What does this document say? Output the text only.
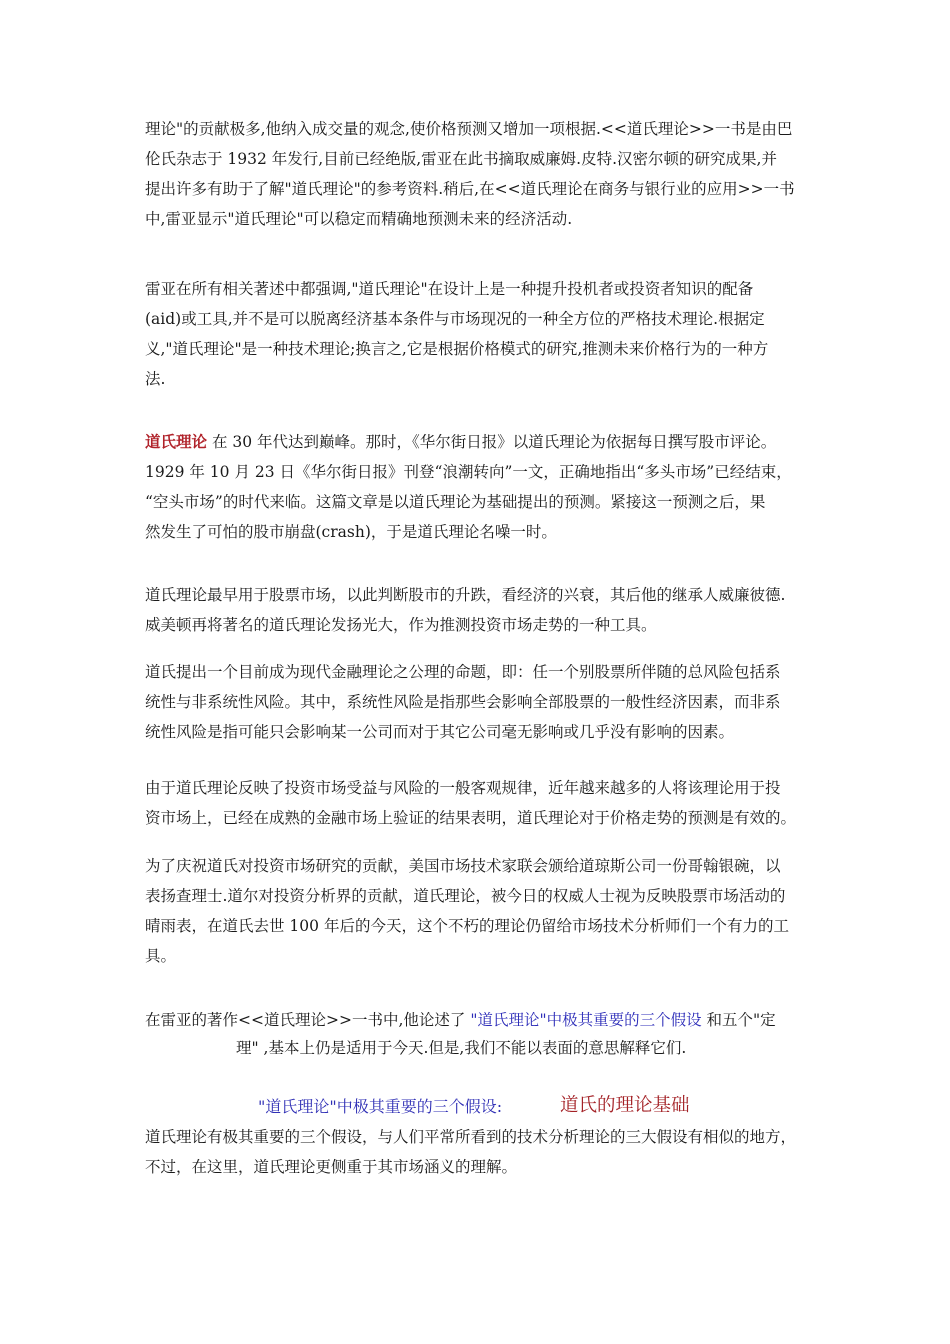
理论"的贡献极多,他纳入成交量的观念,使价格预测又增加一项根据.<<道氏理论>>一书是由巴
伦氏杂志于 1932 年发行,目前已经绝版,雷亚在此书摘取威廉姆.皮特.汉密尔顿的研究成果,并
提出许多有助于了解"道氏理论"的参考资料.稍后,在<<道氏理论在商务与银行业的应用>>一书
中,雷亚显示"道氏理论"可以稳定而精确地预测未来的经济活动.
雷亚在所有相关著述中都强调,"道氏理论"在设计上是一种提升投机者或投资者知识的配备
(aid)或工具,并不是可以脱离经济基本条件与市场现况的一种全方位的严格技术理论.根据定
义,"道氏理论"是一种技术理论;换言之,它是根据价格模式的研究,推测未来价格行为的一种方
法.
道氏理论 在 30 年代达到巅峰。那时，《华尔街日报》以道氏理论为依据每日撰写股市评论。
1929 年 10 月 23 日《华尔街日报》刊登“浪潮转向”一文，正确地指出“多头市场”已经结束，
“空头市场”的时代来临。这篇文章是以道氏理论为基础提出的预测。紧接这一预测之后，果
然发生了可怕的股市崩盘(crash)，于是道氏理论名噪一时。
道氏理论最早用于股票市场，以此判断股市的升跌，看经济的兴衰，其后他的继承人威廉彼德.
威美顿再将著名的道氏理论发扬光大，作为推测投资市场走势的一种工具。
道氏提出一个目前成为现代金融理论之公理的命题，即：任一个别股票所伴随的总风险包括系
统性与非系统性风险。其中，系统性风险是指那些会影响全部股票的一般性经济因素，而非系
统性风险是指可能只会影响某一公司而对于其它公司毫无影响或几乎没有影响的因素。
由于道氏理论反映了投资市场受益与风险的一般客观规律，近年越来越多的人将该理论用于投
资市场上，已经在成熟的金融市场上验证的结果表明，道氏理论对于价格走势的预测是有效的。
为了庆祝道氏对投资市场研究的贡献，美国市场技术家联会颁给道琼斯公司一份哥翰银碗，以
表扬查理士.道尔对投资分析界的贡献，道氏理论，被今日的权威人士视为反映股票市场活动的
晴雨表，在道氏去世 100 年后的今天，这个不朽的理论仍留给市场技术分析师们一个有力的工
具。
在雷亚的著作<<道氏理论>>一书中,他论述了 "道氏理论"中极其重要的三个假设 和五个"定
理" ,基本上仍是适用于今天.但是,我们不能以表面的意思解释它们.
"道氏理论"中极其重要的三个假设:	道氏的理论基础
道氏理论有极其重要的三个假设，与人们平常所看到的技术分析理论的三大假设有相似的地方，
不过，在这里，道氏理论更侧重于其市场涵义的理解。
